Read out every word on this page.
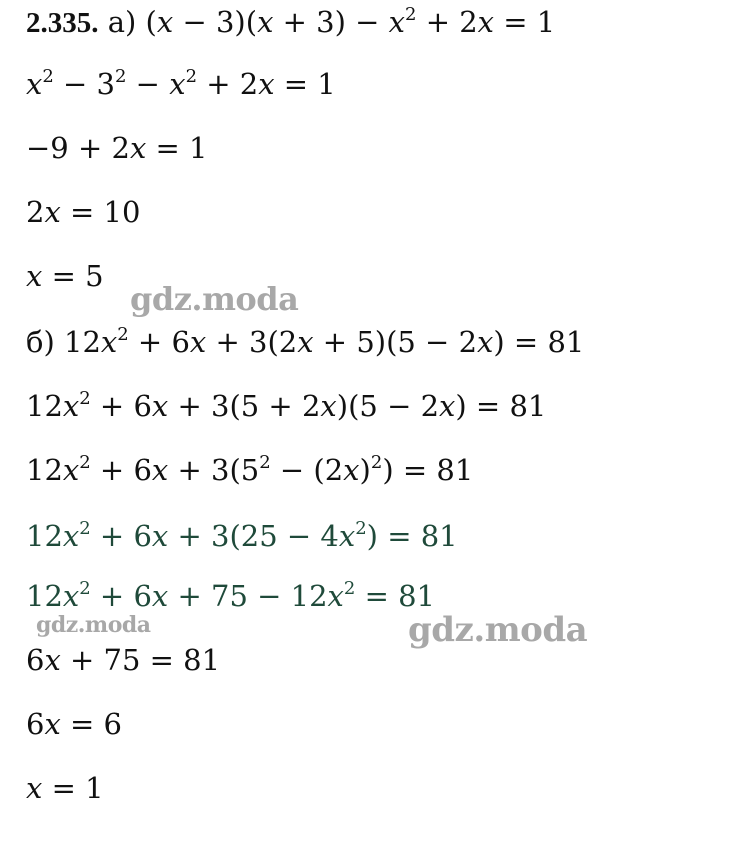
2.335. а) $(x - 3)(x + 3) - x^2 + 2x = 1$
$x^2 - 3^2 - x^2 + 2x = 1$
−9 + 2x = 1
2x = 10
x = 5
б) $12x^2 + 6x + 3(2x + 5)(5 - 2x) = 81$
$12x^2 + 6x + 3(5 + 2x)(5 - 2x) = 81$
$12x^2 + 6x + 3(5^2 - (2x)^2) = 81$
$12x^2 + 6x + 3(25 - 4x^2) = 81$
$12x^2 + 6x + 75 - 12x^2 = 81$
6x + 75 = 81
6x = 6
x = 1
gdz.moda
gdz.moda	gdz.moda
